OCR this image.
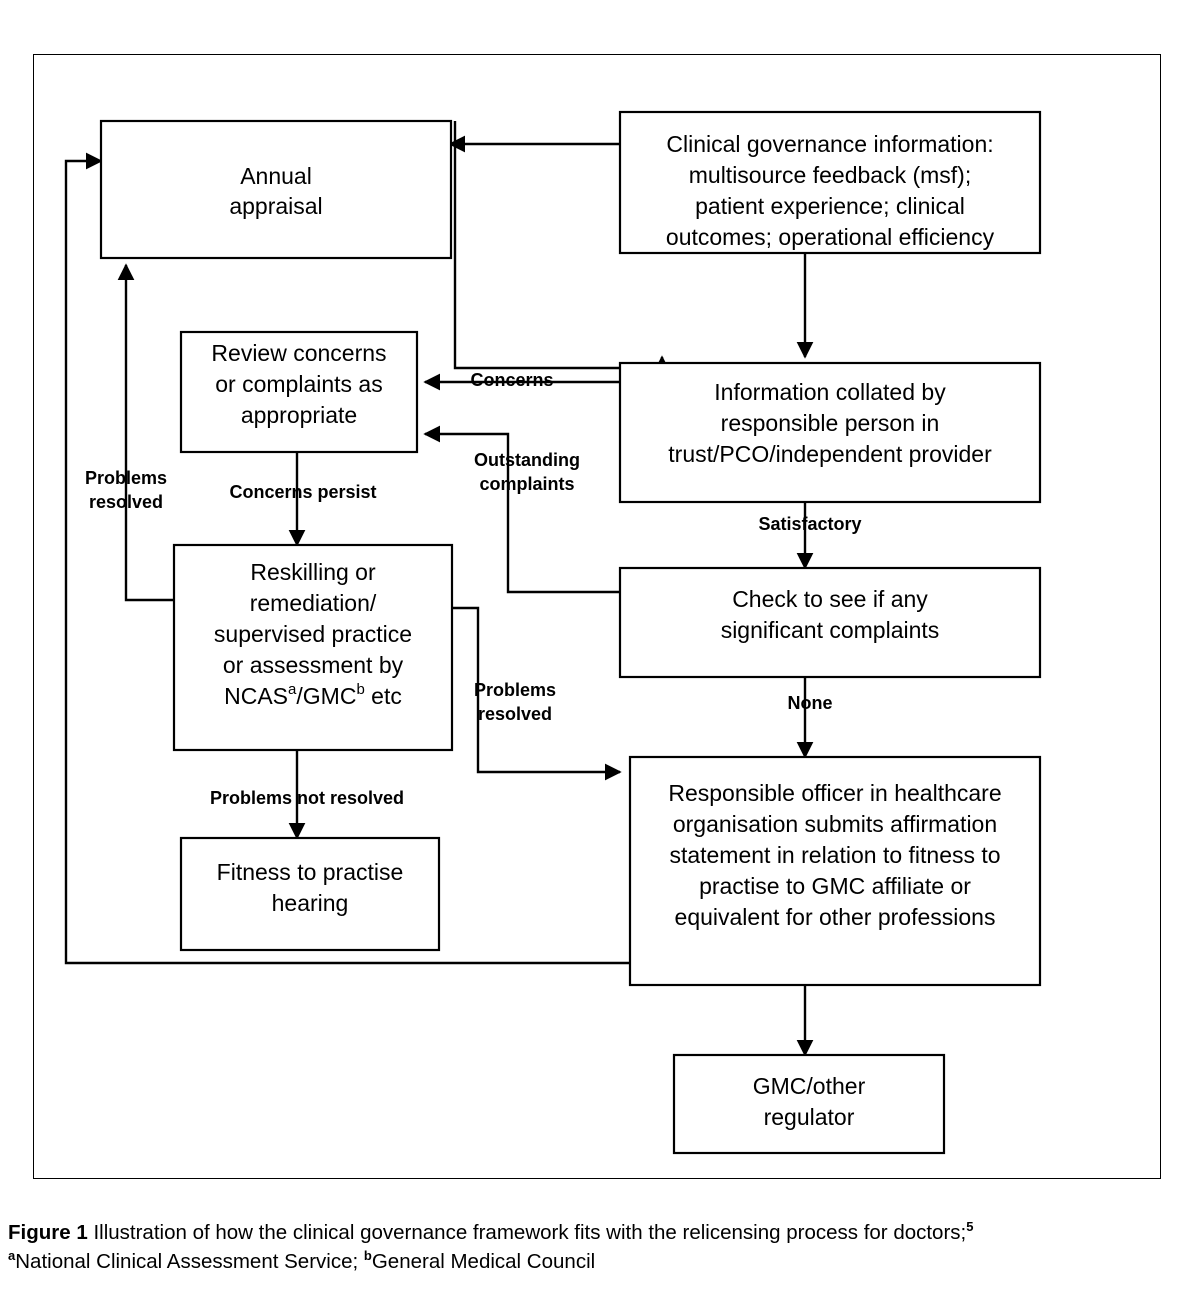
Annual
appraisal
Clinical governance information:
multisource feedback (msf);
patient experience; clinical
outcomes; operational efficiency
Review concerns
or complaints as
appropriate
Information collated by
responsible person in
trust/PCO/independent provider
Reskilling or
remediation/
supervised practice
or assessment by
NCAS$^a$/GMC$^b$ etc
Check to see if any
significant complaints
Fitness to practise
hearing
Responsible officer in healthcare
organisation submits affirmation
statement in relation to fitness to
practise to GMC affiliate or
equivalent for other professions
GMC/other
regulator
Concerns
Outstanding
complaints
Satisfactory
Concerns persist
Problems
resolved
Problems
resolved
Problems not resolved
None
Figure 1 Illustration of how the clinical governance framework fits with the relicensing process for doctors;$^5$
$^a$National Clinical Assessment Service; $^b$General Medical Council
